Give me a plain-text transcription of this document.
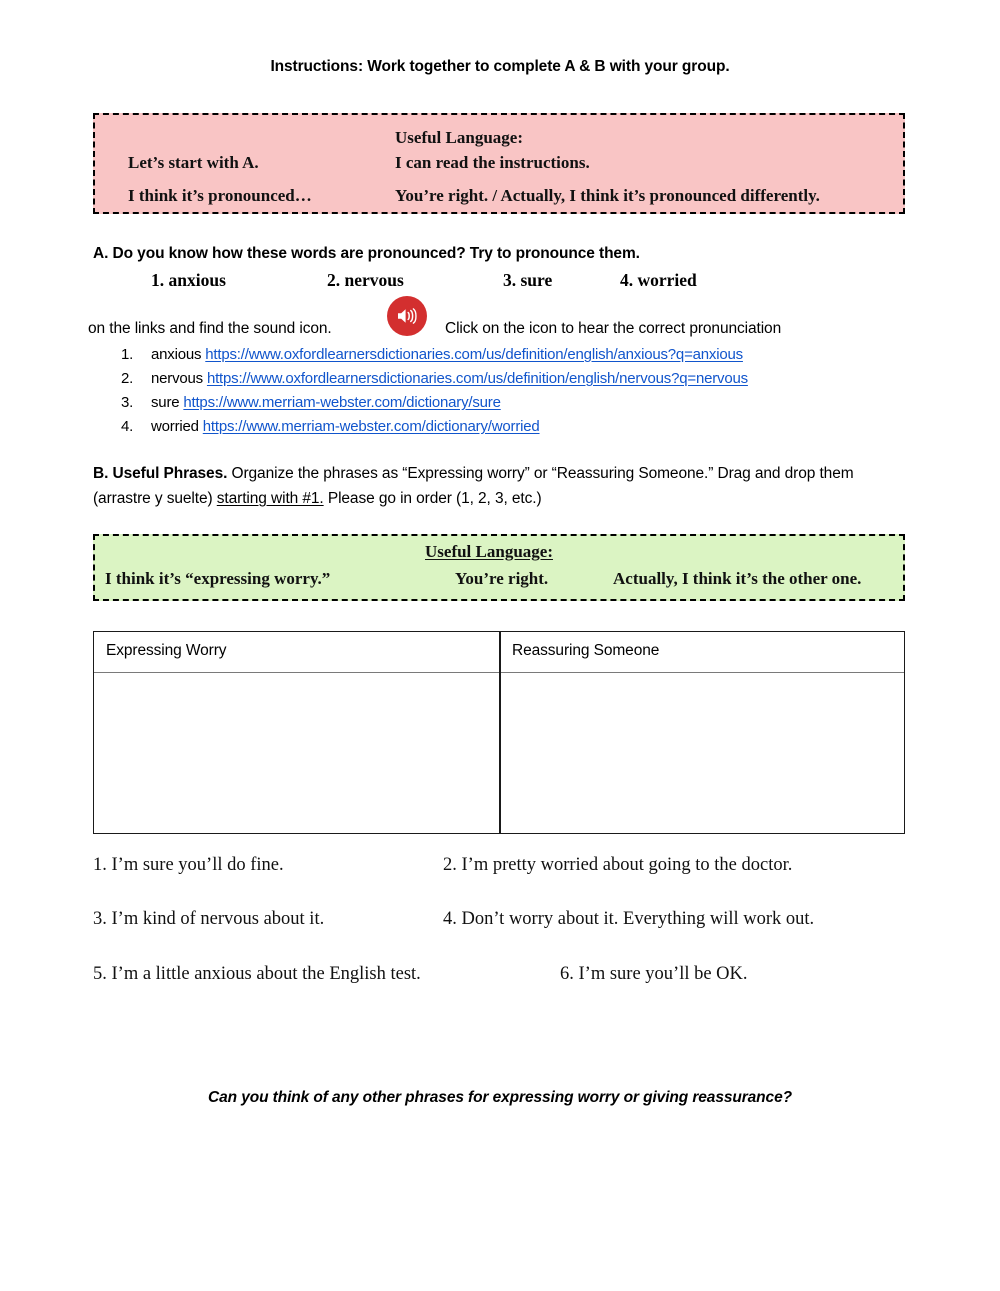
Instructions: Work together to complete A & B with your group.
Useful Language:
Let’s start with A.	I can read the instructions.
I think it’s pronounced…	You’re right. / Actually, I think it’s pronounced differently.
A. Do you know how these words are pronounced? Try to pronounce them.
1. anxious	2. nervous	3. sure	4. worried
on the links and find the sound icon.	Click on the icon to hear the correct pronunciation
1. anxious https://www.oxfordlearnersdictionaries.com/us/definition/english/anxious?q=anxious
2. nervous https://www.oxfordlearnersdictionaries.com/us/definition/english/nervous?q=nervous
3. sure https://www.merriam-webster.com/dictionary/sure
4. worried https://www.merriam-webster.com/dictionary/worried
B. Useful Phrases. Organize the phrases as “Expressing worry” or “Reassuring Someone.” Drag and drop them (arrastre y suelte) starting with #1. Please go in order (1, 2, 3, etc.)
Useful Language:
I think it’s “expressing worry.”	You’re right.	Actually, I think it’s the other one.
Expressing Worry	Reassuring Someone
1. I’m sure you’ll do fine.	2. I’m pretty worried about going to the doctor.
3. I’m kind of nervous about it.	4. Don’t worry about it. Everything will work out.
5. I’m a little anxious about the English test.	6. I’m sure you’ll be OK.
Can you think of any other phrases for expressing worry or giving reassurance?
